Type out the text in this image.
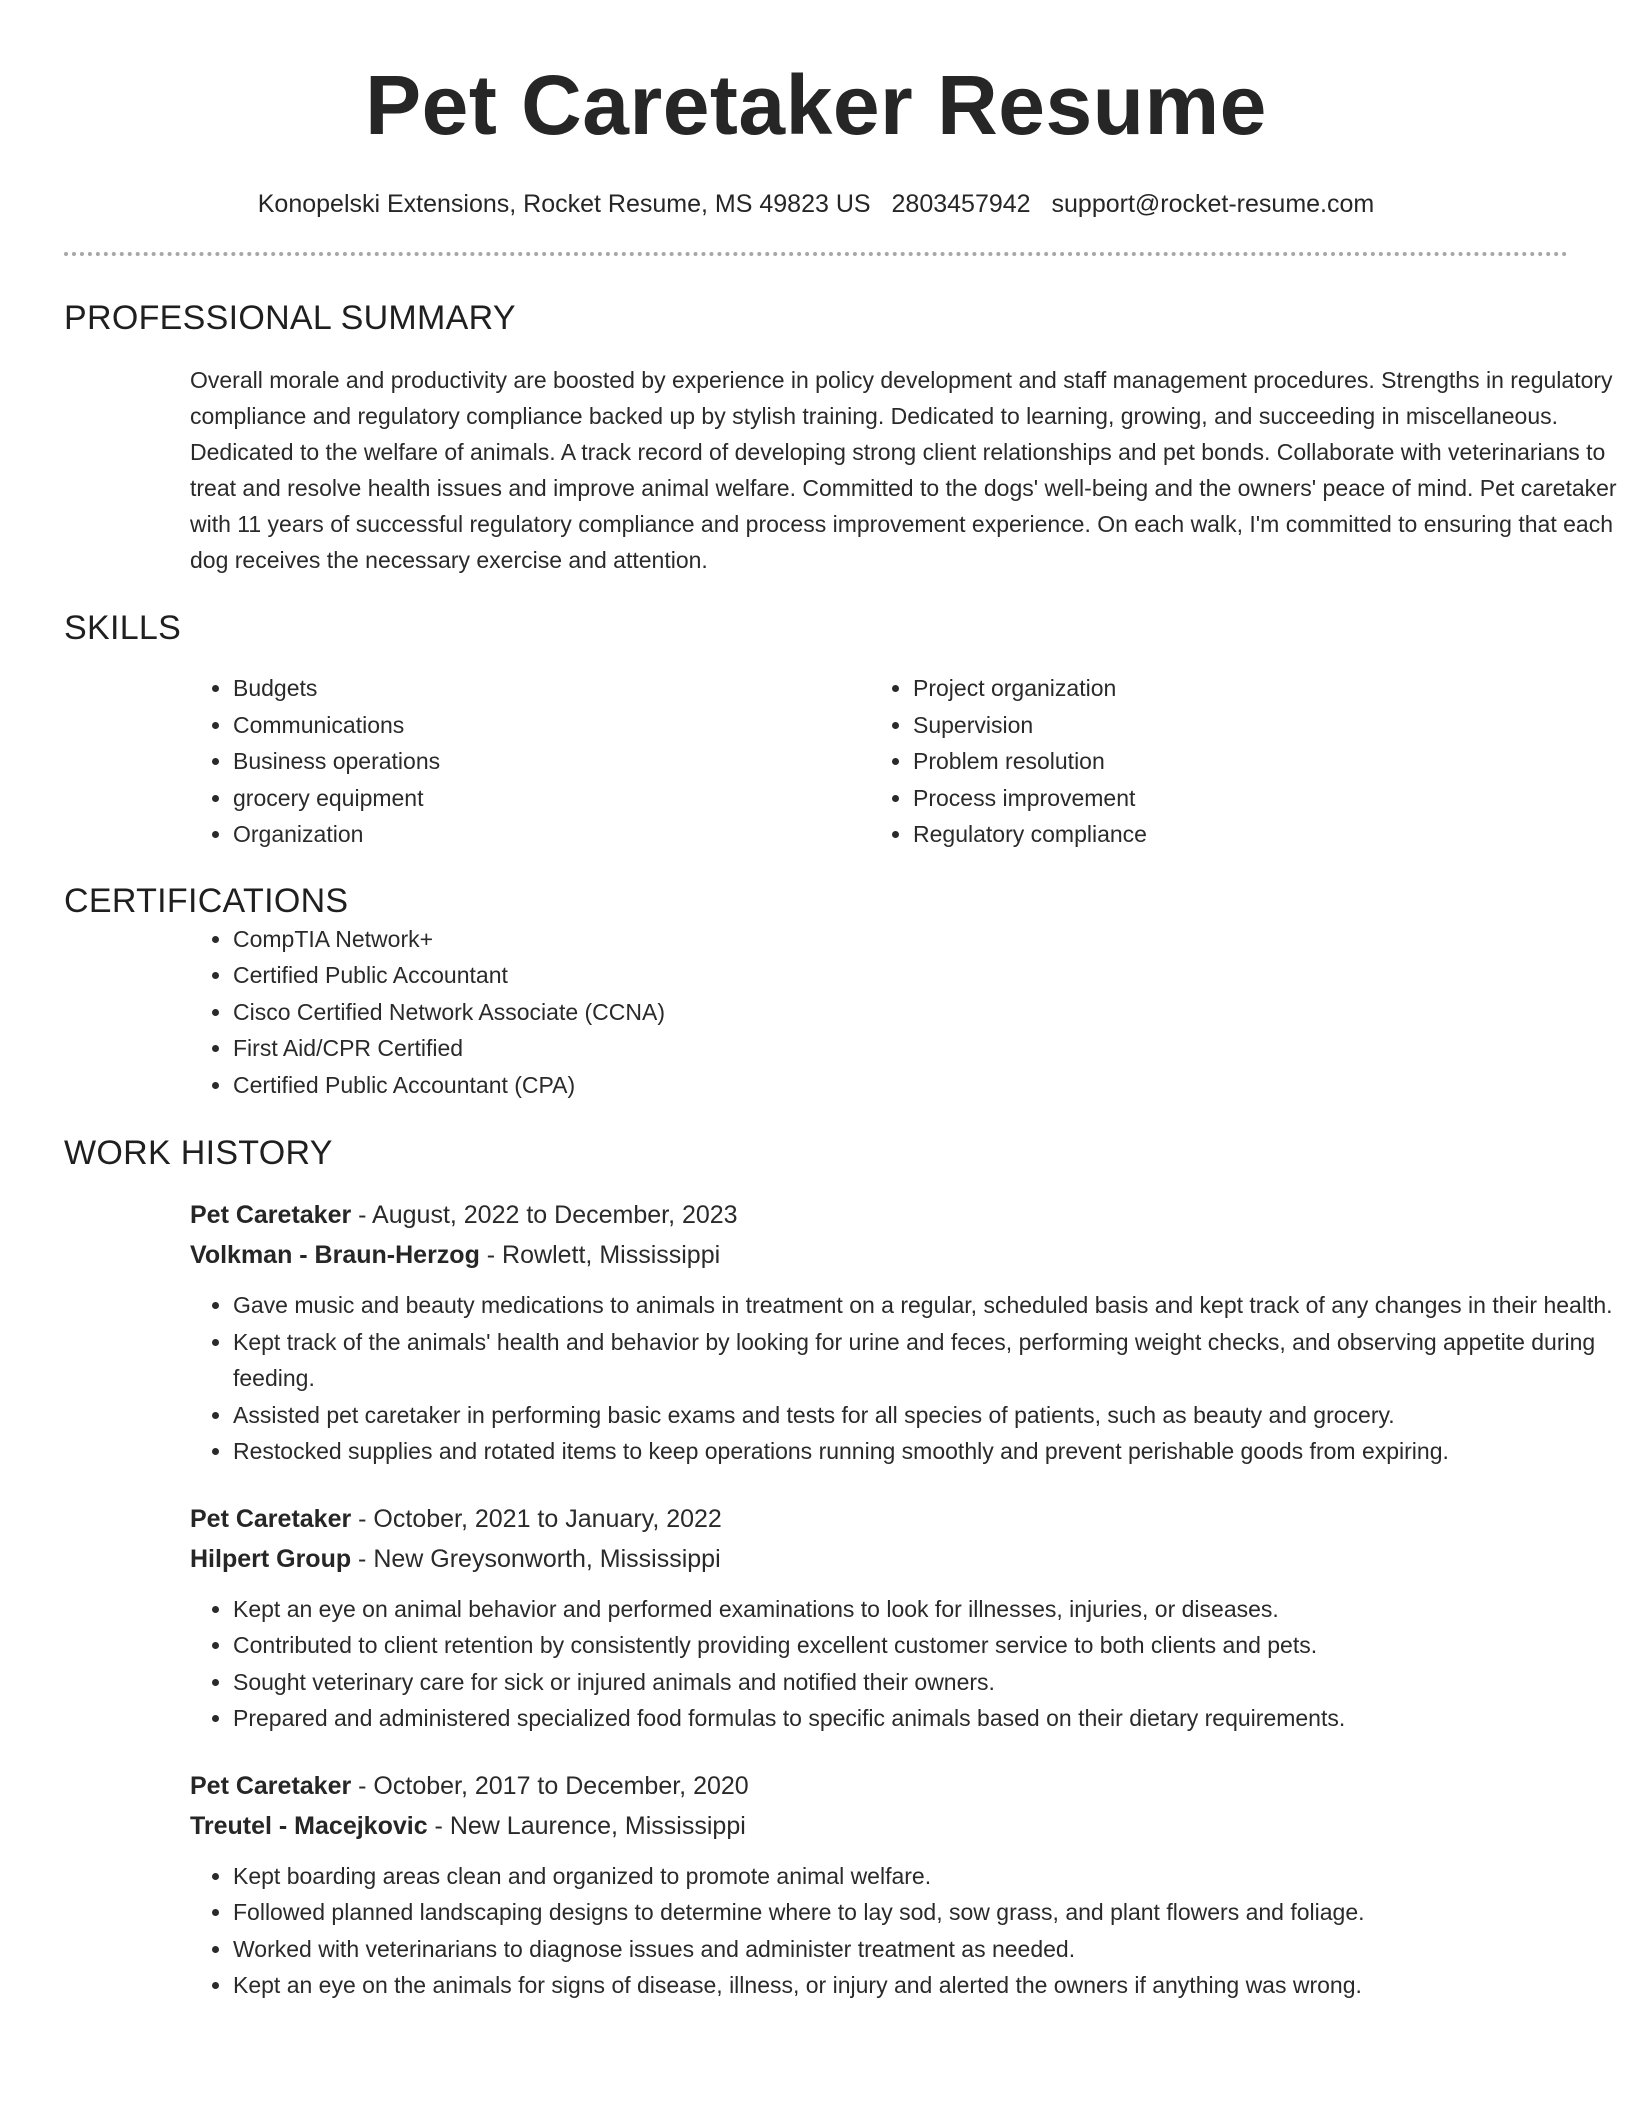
Pet Caretaker Resume
Konopelski Extensions, Rocket Resume, MS 49823 US 2803457942 support@rocket-resume.com
PROFESSIONAL SUMMARY
Overall morale and productivity are boosted by experience in policy development and staff management procedures. Strengths in regulatory compliance and regulatory compliance backed up by stylish training. Dedicated to learning, growing, and succeeding in miscellaneous. Dedicated to the welfare of animals. A track record of developing strong client relationships and pet bonds. Collaborate with veterinarians to treat and resolve health issues and improve animal welfare. Committed to the dogs' well-being and the owners' peace of mind. Pet caretaker with 11 years of successful regulatory compliance and process improvement experience. On each walk, I'm committed to ensuring that each dog receives the necessary exercise and attention.
SKILLS
• Budgets
• Communications
• Business operations
• grocery equipment
• Organization
• Project organization
• Supervision
• Problem resolution
• Process improvement
• Regulatory compliance
CERTIFICATIONS
• CompTIA Network+
• Certified Public Accountant
• Cisco Certified Network Associate (CCNA)
• First Aid/CPR Certified
• Certified Public Accountant (CPA)
WORK HISTORY
Pet Caretaker - August, 2022 to December, 2023
Volkman - Braun-Herzog - Rowlett, Mississippi
• Gave music and beauty medications to animals in treatment on a regular, scheduled basis and kept track of any changes in their health.
• Kept track of the animals' health and behavior by looking for urine and feces, performing weight checks, and observing appetite during feeding.
• Assisted pet caretaker in performing basic exams and tests for all species of patients, such as beauty and grocery.
• Restocked supplies and rotated items to keep operations running smoothly and prevent perishable goods from expiring.
Pet Caretaker - October, 2021 to January, 2022
Hilpert Group - New Greysonworth, Mississippi
• Kept an eye on animal behavior and performed examinations to look for illnesses, injuries, or diseases.
• Contributed to client retention by consistently providing excellent customer service to both clients and pets.
• Sought veterinary care for sick or injured animals and notified their owners.
• Prepared and administered specialized food formulas to specific animals based on their dietary requirements.
Pet Caretaker - October, 2017 to December, 2020
Treutel - Macejkovic - New Laurence, Mississippi
• Kept boarding areas clean and organized to promote animal welfare.
• Followed planned landscaping designs to determine where to lay sod, sow grass, and plant flowers and foliage.
• Worked with veterinarians to diagnose issues and administer treatment as needed.
• Kept an eye on the animals for signs of disease, illness, or injury and alerted the owners if anything was wrong.
